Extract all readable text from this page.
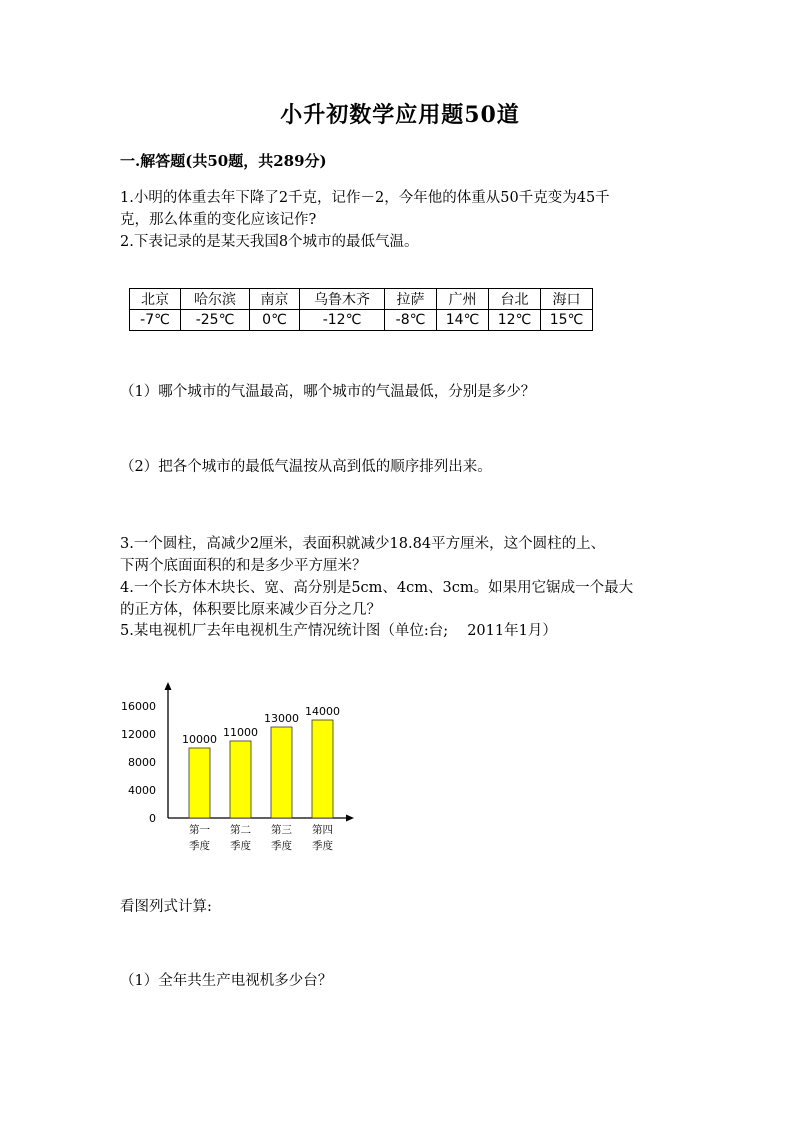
小升初数学应用题50道
一.解答题(共50题，共289分)
1.小明的体重去年下降了2千克，记作－2，今年他的体重从50千克变为45千
克，那么体重的变化应该记作?
2.下表记录的是某天我国8个城市的最低气温。
北京	哈尔滨	南京	乌鲁木齐	拉萨	广州	台北	海口
-7℃	-25℃	0℃	-12℃	-8℃	14℃	12℃	15℃
（1）哪个城市的气温最高，哪个城市的气温最低，分别是多少？
（2）把各个城市的最低气温按从高到低的顺序排列出来。
3.一个圆柱，高减少2厘米，表面积就减少18.84平方厘米，这个圆柱的上、
下两个底面面积的和是多少平方厘米？
4.一个长方体木块长、宽、高分别是5cm、4cm、3cm。如果用它锯成一个最大
的正方体，体积要比原来减少百分之几？
5.某电视机厂去年电视机生产情况统计图（单位:台;　 2011年1月）
0
4000
8000
12000
16000
10000
第一
季度
11000
第二
季度
13000
第三
季度
14000
第四
季度
看图列式计算:
（1）全年共生产电视机多少台？
